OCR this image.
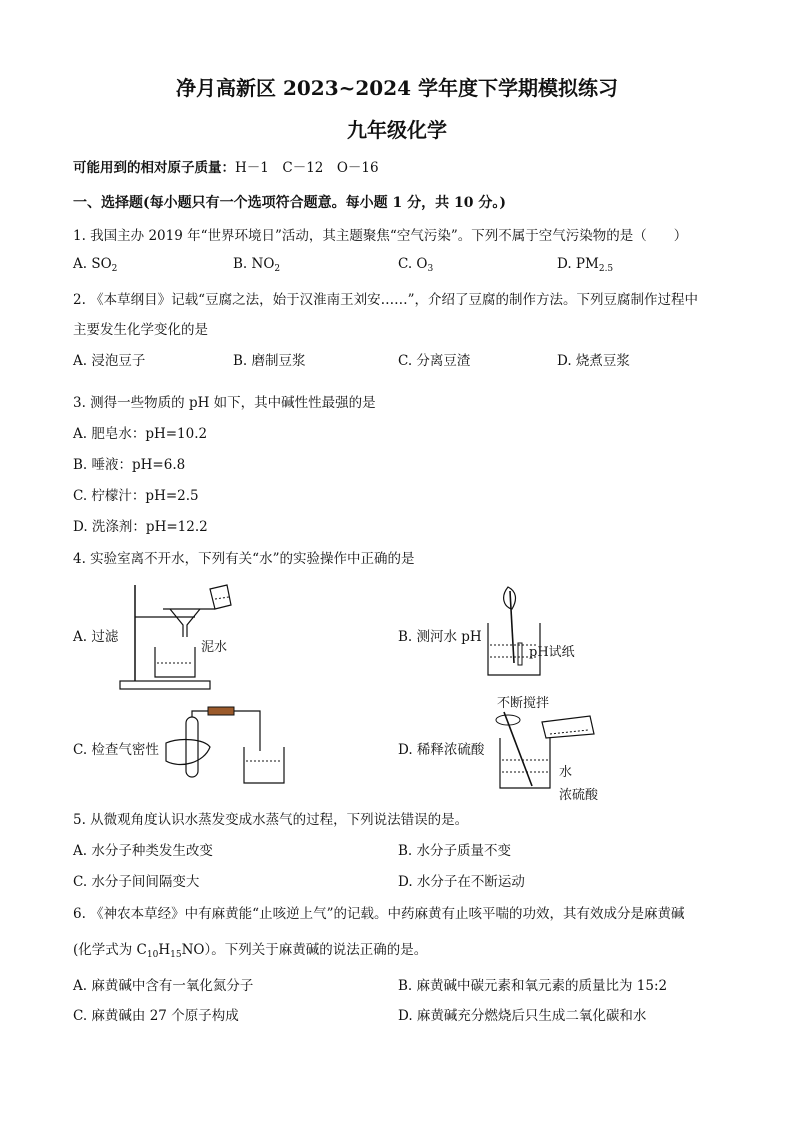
净月高新区 2023~2024 学年度下学期模拟练习
九年级化学
可能用到的相对原子质量：H－1　C－12　O－16
一、选择题(每小题只有一个选项符合题意。每小题 1 分，共 10 分。)
1. 我国主办 2019 年“世界环境日”活动，其主题聚焦“空气污染”。下列不属于空气污染物的是（　　）
A. $SO_2$	B. $NO_2$	C. $O_3$	D. $PM_{2.5}$
2. 《本草纲目》记载“豆腐之法，始于汉淮南王刘安……”，介绍了豆腐的制作方法。下列豆腐制作过程中
主要发生化学变化的是
A. 浸泡豆子	B. 磨制豆浆	C. 分离豆渣	D. 烧煮豆浆
3. 测得一些物质的 pH 如下，其中碱性性最强的是
A. 肥皂水：pH=10.2
B. 唾液：pH=6.8
C. 柠檬汁：pH=2.5
D. 洗涤剂：pH=12.2
4. 实验室离不开水，下列有关“水”的实验操作中正确的是
A. 过滤
泥水
B. 测河水 pH
pH试纸
C. 检查气密性	D. 稀释浓硫酸
不断搅拌
水
浓硫酸
5. 从微观角度认识水蒸发变成水蒸气的过程，下列说法错误的是。
A. 水分子种类发生改变	B. 水分子质量不变
C. 水分子间间隔变大	D. 水分子在不断运动
6. 《神农本草经》中有麻黄能“止咳逆上气”的记载。中药麻黄有止咳平喘的功效，其有效成分是麻黄碱
(化学式为 $C_{10}H_{15}NO$）。下列关于麻黄碱的说法正确的是。
A. 麻黄碱中含有一氧化氮分子	B. 麻黄碱中碳元素和氧元素的质量比为 15:2
C. 麻黄碱由 27 个原子构成	D. 麻黄碱充分燃烧后只生成二氧化碳和水
